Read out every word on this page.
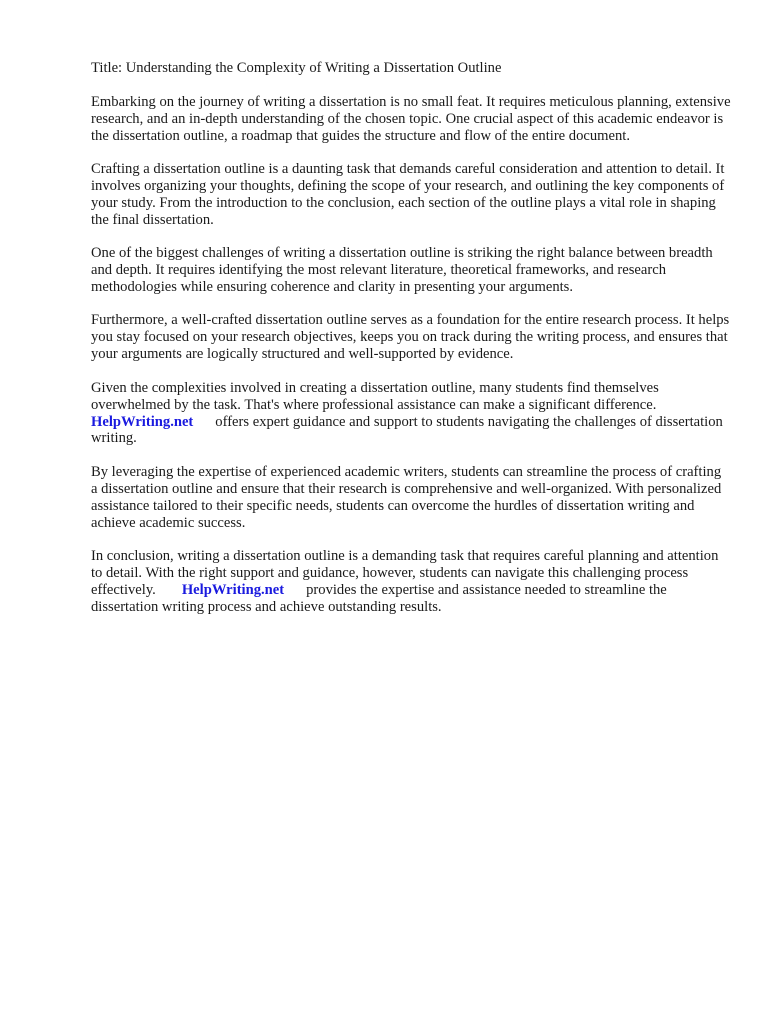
Title: Understanding the Complexity of Writing a Dissertation Outline

Embarking on the journey of writing a dissertation is no small feat. It requires meticulous planning, extensive research, and an in-depth understanding of the chosen topic. One crucial aspect of this academic endeavor is the dissertation outline, a roadmap that guides the structure and flow of the entire document.

Crafting a dissertation outline is a daunting task that demands careful consideration and attention to detail. It involves organizing your thoughts, defining the scope of your research, and outlining the key components of your study. From the introduction to the conclusion, each section of the outline plays a vital role in shaping the final dissertation.

One of the biggest challenges of writing a dissertation outline is striking the right balance between breadth and depth. It requires identifying the most relevant literature, theoretical frameworks, and research methodologies while ensuring coherence and clarity in presenting your arguments.

Furthermore, a well-crafted dissertation outline serves as a foundation for the entire research process. It helps you stay focused on your research objectives, keeps you on track during the writing process, and ensures that your arguments are logically structured and well-supported by evidence.

Given the complexities involved in creating a dissertation outline, many students find themselves overwhelmed by the task. That's where professional assistance can make a significant difference.
HelpWriting.net offers expert guidance and support to students navigating the challenges of dissertation writing.

By leveraging the expertise of experienced academic writers, students can streamline the process of crafting a dissertation outline and ensure that their research is comprehensive and well-organized. With personalized assistance tailored to their specific needs, students can overcome the hurdles of dissertation writing and achieve academic success.

In conclusion, writing a dissertation outline is a demanding task that requires careful planning and attention to detail. With the right support and guidance, however, students can navigate this challenging process effectively. HelpWriting.net provides the expertise and assistance needed to streamline the dissertation writing process and achieve outstanding results.
